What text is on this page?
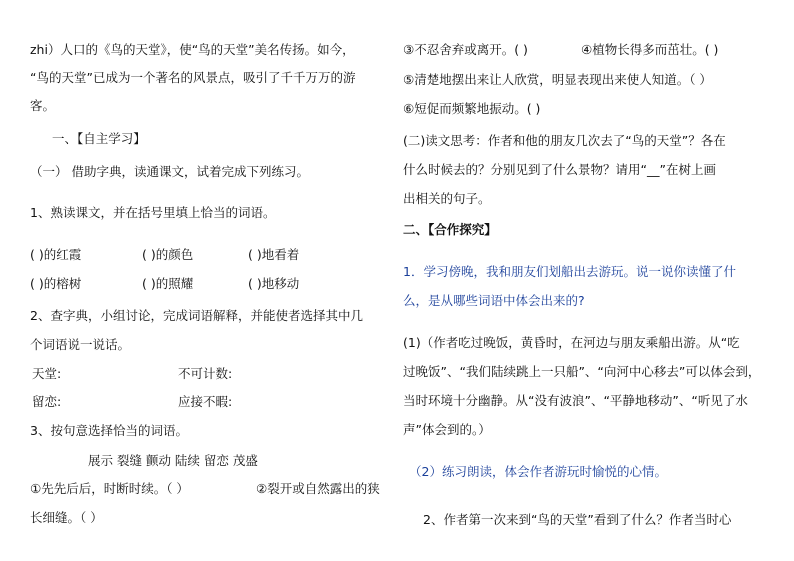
zhi）人口的《鸟的天堂》，使“鸟的天堂”美名传扬。如今，
“鸟的天堂”已成为一个著名的风景点，吸引了千千万万的游
客。
一、【自主学习】
（一） 借助字典，读通课文，试着完成下列练习。
1、熟读课文，并在括号里填上恰当的词语。
( )的红霞	( )的颜色	( )地看着
( )的榕树	( )的照耀	( )地移动
2、查字典，小组讨论，完成词语解释，并能使者选择其中几
个词语说一说话。
天堂:	不可计数:
留恋:	应接不暇:
3、按句意选择恰当的词语。
展示 裂缝 颤动 陆续 留恋 茂盛
①先先后后，时断时续。（ ）	②裂开或自然露出的狭
长细缝。（ ）
③不忍舍弃或离开。( )	④植物长得多而茁壮。( )
⑤清楚地摆出来让人欣赏，明显表现出来使人知道。（ ）
⑥短促而频繁地振动。( )
(二)读文思考：作者和他的朋友几次去了“鸟的天堂”？各在
什么时候去的？分别见到了什么景物？请用“__”在树上画
出相关的句子。
二、【合作探究】
1．学习傍晚，我和朋友们划船出去游玩。说一说你读懂了什
么，是从哪些词语中体会出来的?
(1)（作者吃过晚饭，黄昏时，在河边与朋友乘船出游。从“吃
过晚饭”、“我们陆续跳上一只船”、“向河中心移去”可以体会到，
当时环境十分幽静。从“没有波浪”、“平静地移动”、“听见了水
声”体会到的。）
（2）练习朗读，体会作者游玩时愉悦的心情。
2、作者第一次来到“鸟的天堂”看到了什么？作者当时心
